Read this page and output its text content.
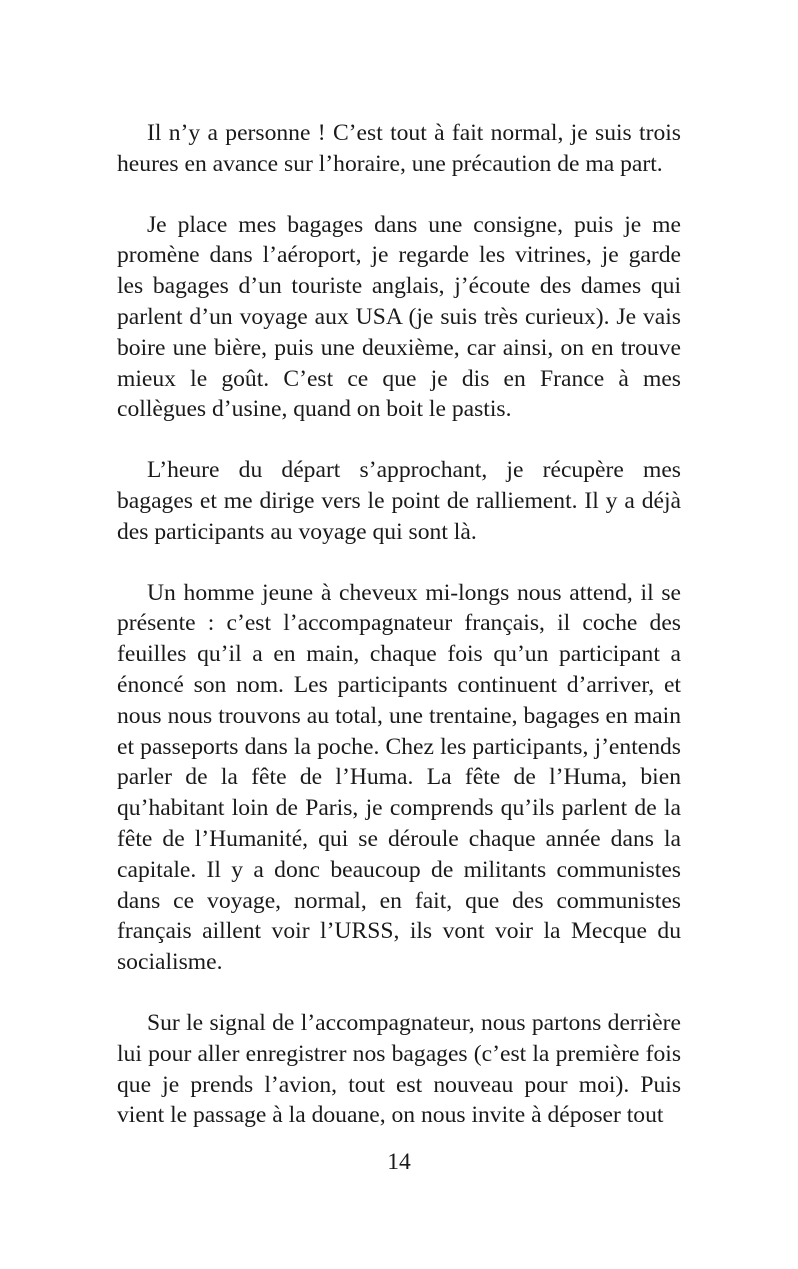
Il n’y a personne ! C’est tout à fait normal, je suis trois heures en avance sur l’horaire, une précaution de ma part.

Je place mes bagages dans une consigne, puis je me promène dans l’aéroport, je regarde les vitrines, je garde les bagages d’un touriste anglais, j’écoute des dames qui parlent d’un voyage aux USA (je suis très curieux). Je vais boire une bière, puis une deuxième, car ainsi, on en trouve mieux le goût. C’est ce que je dis en France à mes collègues d’usine, quand on boit le pastis.

L’heure du départ s’approchant, je récupère mes bagages et me dirige vers le point de ralliement. Il y a déjà des participants au voyage qui sont là.

Un homme jeune à cheveux mi-longs nous attend, il se présente : c’est l’accompagnateur français, il coche des feuilles qu’il a en main, chaque fois qu’un participant a énoncé son nom. Les participants continuent d’arriver, et nous nous trouvons au total, une trentaine, bagages en main et passeports dans la poche. Chez les participants, j’entends parler de la fête de l’Huma. La fête de l’Huma, bien qu’habitant loin de Paris, je comprends qu’ils parlent de la fête de l’Humanité, qui se déroule chaque année dans la capitale. Il y a donc beaucoup de militants communistes dans ce voyage, normal, en fait, que des communistes français aillent voir l’URSS, ils vont voir la Mecque du socialisme.

Sur le signal de l’accompagnateur, nous partons derrière lui pour aller enregistrer nos bagages (c’est la première fois que je prends l’avion, tout est nouveau pour moi). Puis vient le passage à la douane, on nous invite à déposer tout

14
